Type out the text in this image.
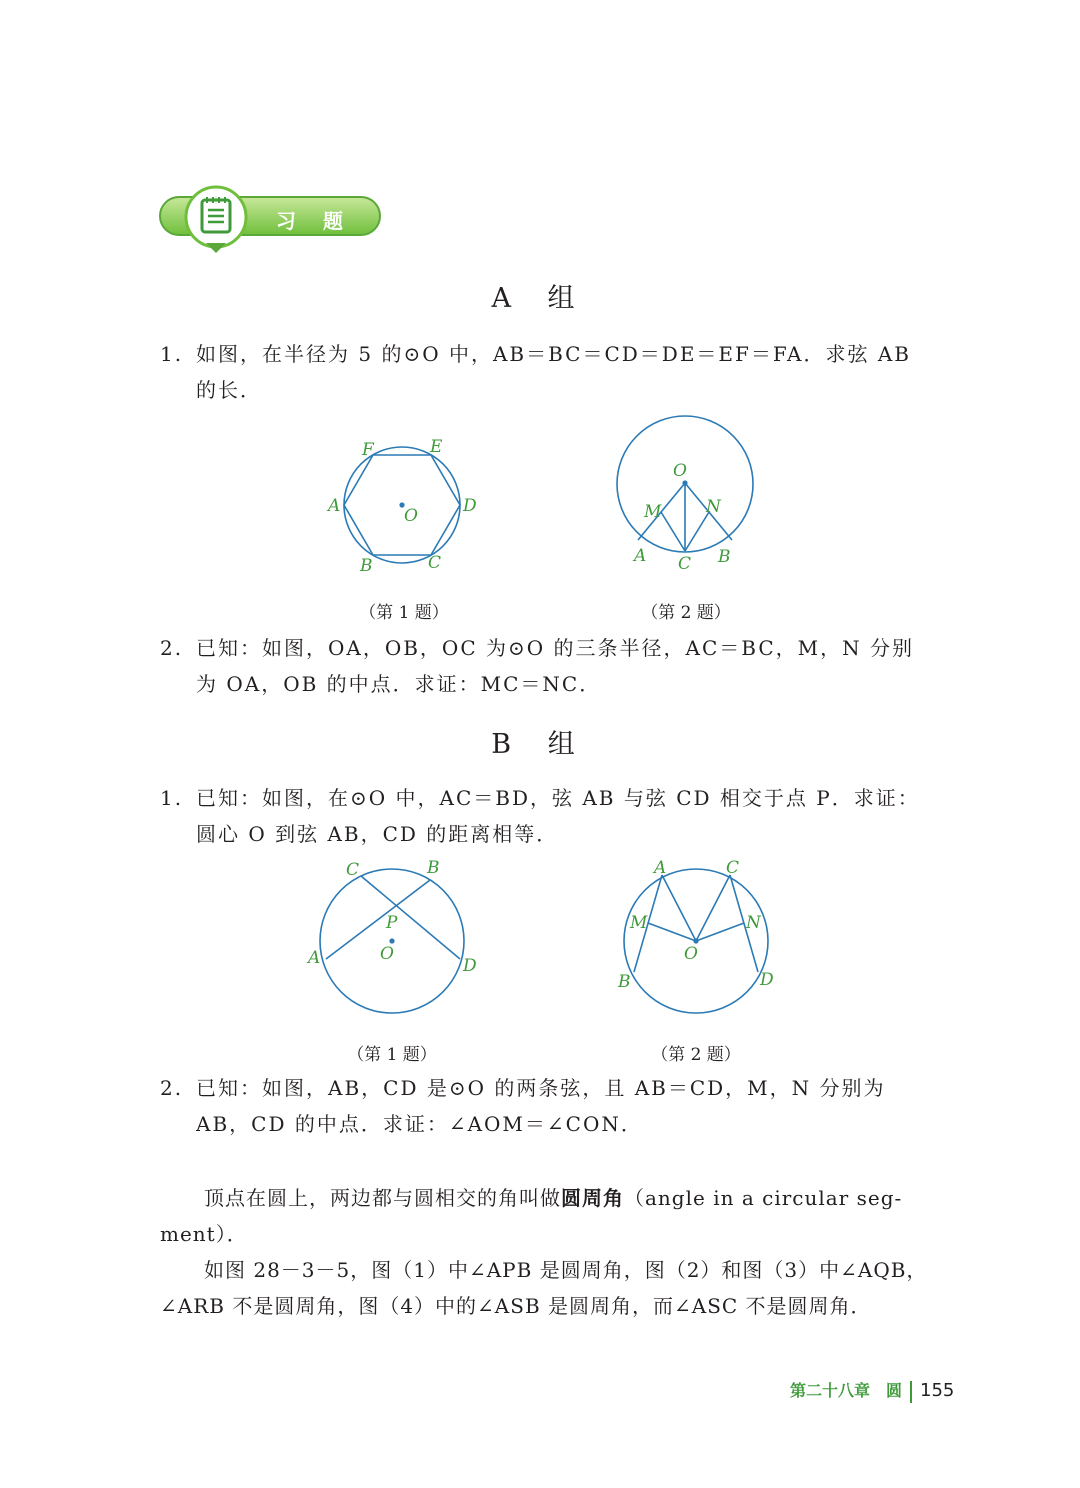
习 题
A 组
1. 如图，在半径为 5 的⊙O 中，AB＝BC＝CD＝DE＝EF＝FA．求弦 AB
的长．
F	E
A	D
O
B	C
（第 1 题）
O
M	N
A C B
（第 2 题）
2. 已知：如图，OA，OB，OC 为⊙O 的三条半径，AC＝BC，M，N 分别
为 OA，OB 的中点．求证：MC＝NC．
B 组
1. 已知：如图，在⊙O 中，AC＝BD，弦 AB 与弦 CD 相交于点 P．求证：
圆心 O 到弦 AB，CD 的距离相等．
C	B
P
A	O
D
（第 1 题）
A	C
M	N
O
B	D
（第 2 题）
2. 已知：如图，AB，CD 是⊙O 的两条弦，且 AB＝CD，M，N 分别为
AB，CD 的中点．求证：∠AOM＝∠CON．
顶点在圆上，两边都与圆相交的角叫做圆周角（angle in a circular seg-
ment）．
如图 28－3－5，图（1）中∠APB 是圆周角，图（2）和图（3）中∠AQB，
∠ARB 不是圆周角，图（4）中的∠ASB 是圆周角，而∠ASC 不是圆周角．
第二十八章　圆 155
